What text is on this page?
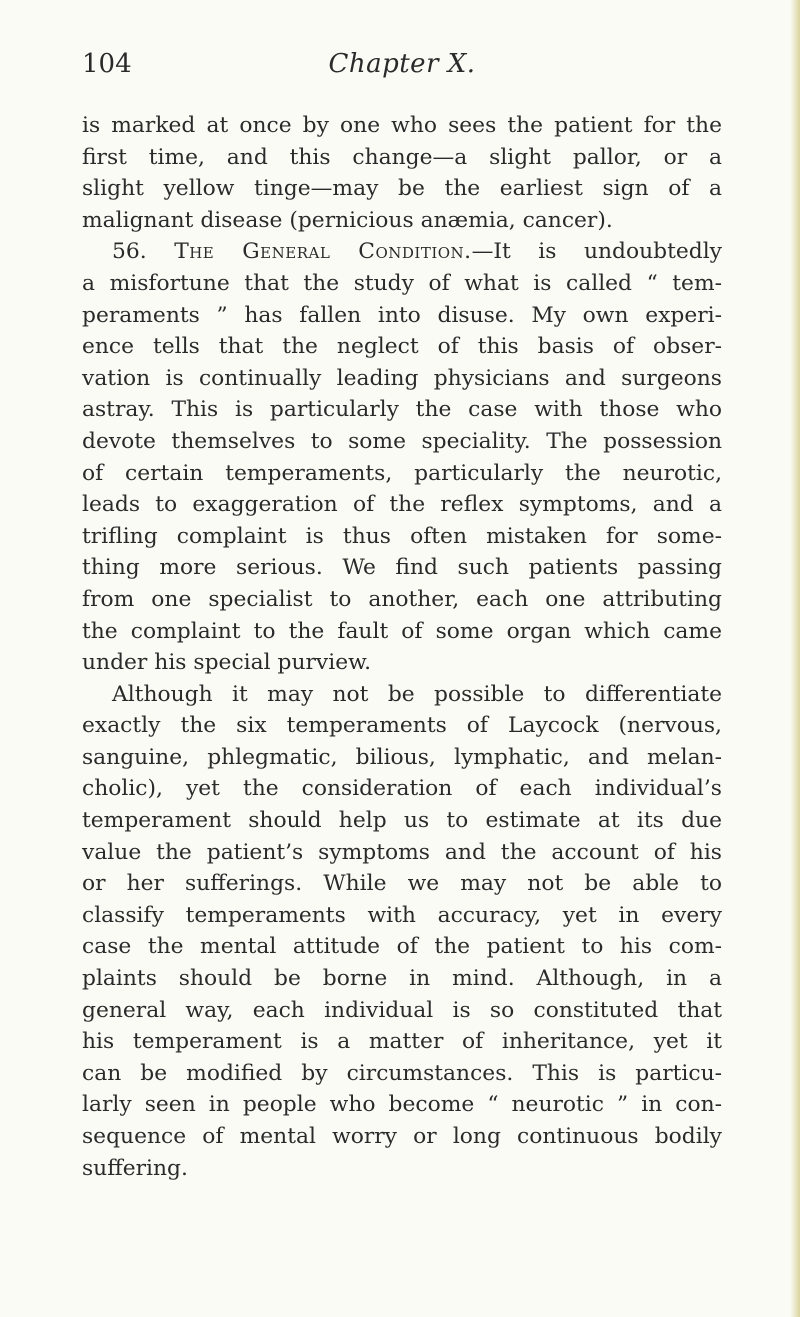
104	Chapter X.
is marked at once by one who sees the patient for the
first time, and this change—a slight pallor, or a
slight yellow tinge—may be the earliest sign of a
malignant disease (pernicious anæmia, cancer).
56. The General Condition.—It is undoubtedly
a misfortune that the study of what is called “ tem-
peraments ” has fallen into disuse. My own experi-
ence tells that the neglect of this basis of obser-
vation is continually leading physicians and surgeons
astray. This is particularly the case with those who
devote themselves to some speciality. The possession
of certain temperaments, particularly the neurotic,
leads to exaggeration of the reflex symptoms, and a
trifling complaint is thus often mistaken for some-
thing more serious. We find such patients passing
from one specialist to another, each one attributing
the complaint to the fault of some organ which came
under his special purview.
Although it may not be possible to differentiate
exactly the six temperaments of Laycock (nervous,
sanguine, phlegmatic, bilious, lymphatic, and melan-
cholic), yet the consideration of each individual’s
temperament should help us to estimate at its due
value the patient’s symptoms and the account of his
or her sufferings. While we may not be able to
classify temperaments with accuracy, yet in every
case the mental attitude of the patient to his com-
plaints should be borne in mind. Although, in a
general way, each individual is so constituted that
his temperament is a matter of inheritance, yet it
can be modified by circumstances. This is particu-
larly seen in people who become “ neurotic ” in con-
sequence of mental worry or long continuous bodily
suffering.
